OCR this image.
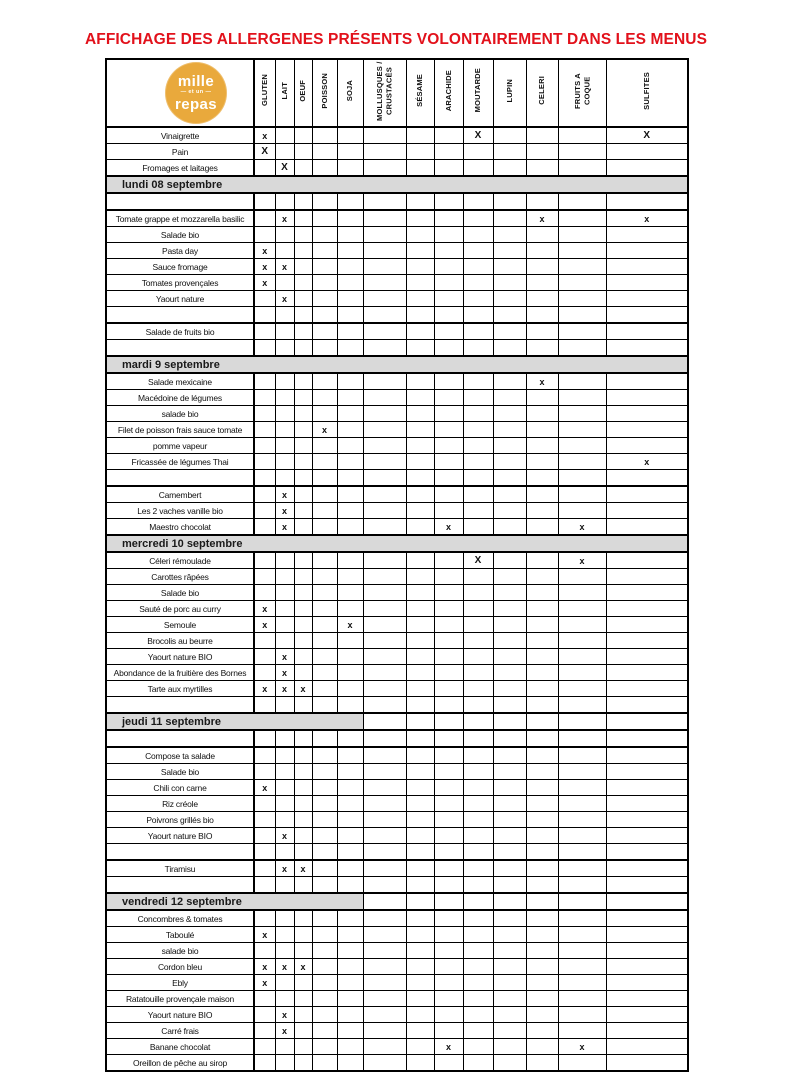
AFFICHAGE DES ALLERGENES PRÉSENTS VOLONTAIREMENT DANS LES MENUS
mille
— et un —
repas	GLUTEN	LAIT	OEUF	POISSON	SOJA	MOLLUSQUES / CRUSTACÉS	SÉSAME	ARACHIDE	MOUTARDE	LUPIN	CELERI	FRUITS A COQUE	SULFITES
Vinaigrette	x								X				X
Pain	X												
Fromages et laitages		X											
lundi 08 septembre													

Tomate grappe et mozzarella basilic		x									x		x
Salade bio													
Pasta day	x												
Sauce fromage	x	x											
Tomates provençales	x												
Yaourt nature		x											

Salade de fruits bio													

mardi 9 septembre													
Salade mexicaine											x		
Macédoine de légumes													
salade bio													
Filet de poisson frais sauce tomate				x									
pomme vapeur													
Fricassée de légumes Thai													x

Camembert		x											
Les 2 vaches vanille bio		x											
Maestro chocolat		x						x				x	
mercredi 10 septembre													
Céleri rémoulade									X			x	
Carottes râpées													
Salade bio													
Sauté de porc au curry	x												
Semoule	x				x								
Brocolis au beurre													
Yaourt nature BIO		x											
Abondance de la fruitière des Bornes		x											
Tarte aux myrtilles	x	x	x										

jeudi 11 septembre													

Compose ta salade													
Salade bio													
Chili con carne	x												
Riz créole													
Poivrons grillés bio													
Yaourt nature BIO		x											

Tiramisu		x	x										

vendredi 12 septembre													
Concombres & tomates													
Taboulé	x												
salade bio													
Cordon bleu	x	x	x										
Ebly	x												
Ratatouille provençale maison													
Yaourt nature BIO		x											
Carré frais		x											
Banane chocolat								x				x	
Oreillon de pêche au sirop													
